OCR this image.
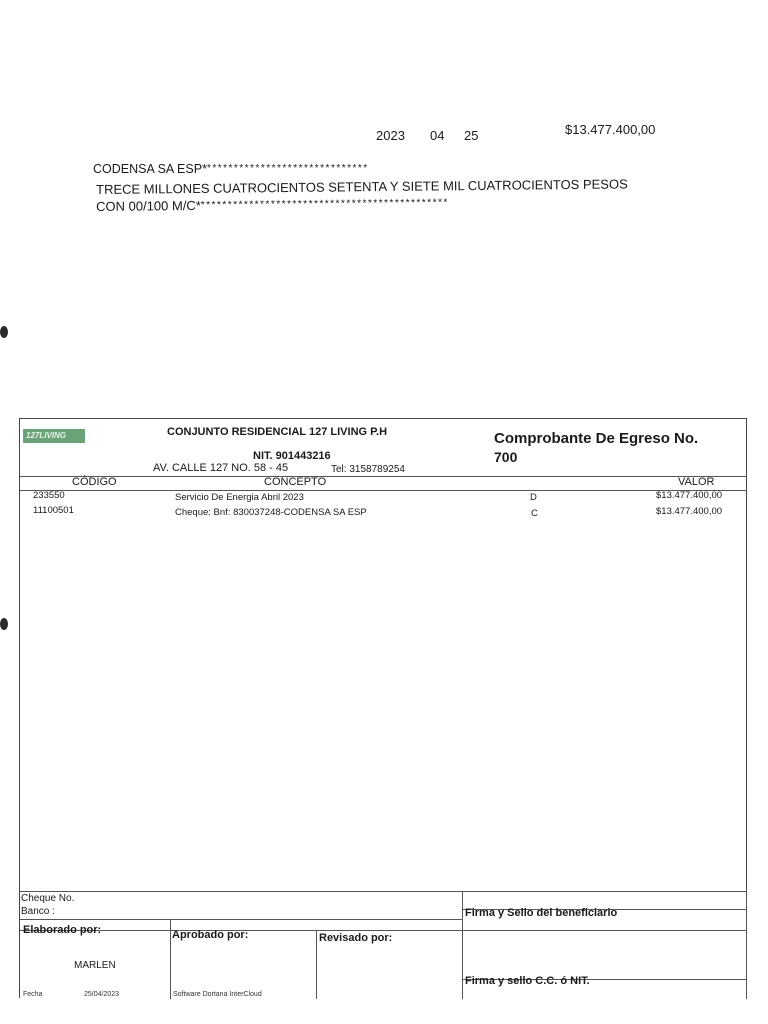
2023 04 25	$13.477.400,00
CODENSA SA ESP*******************************
TRECE MILLONES CUATROCIENTOS SETENTA Y SIETE MIL CUATROCIENTOS PESOS
CON 00/100 M/C***********************************************
127LIVING	CONJUNTO RESIDENCIAL 127 LIVING P.H
NIT. 901443216
AV. CALLE 127 NO. 58 - 45	Tel: 3158789254
Comprobante De Egreso No.
700
CÓDIGO	CONCEPTO	VALOR
233550	Servicio De Energia Abril 2023	D	$13.477.400,00
11100501	Cheque: Bnf: 830037248-CODENSA SA ESP	C	$13.477.400,00
Cheque No.
Banco :	Firma y Sello del beneficiario
Elaborado por:	Aprobado por:	Revisado por:
MARLEN
Firma y sello C.C. ó NIT.
Fecha	25/04/2023	Software Dortana InterCloud
